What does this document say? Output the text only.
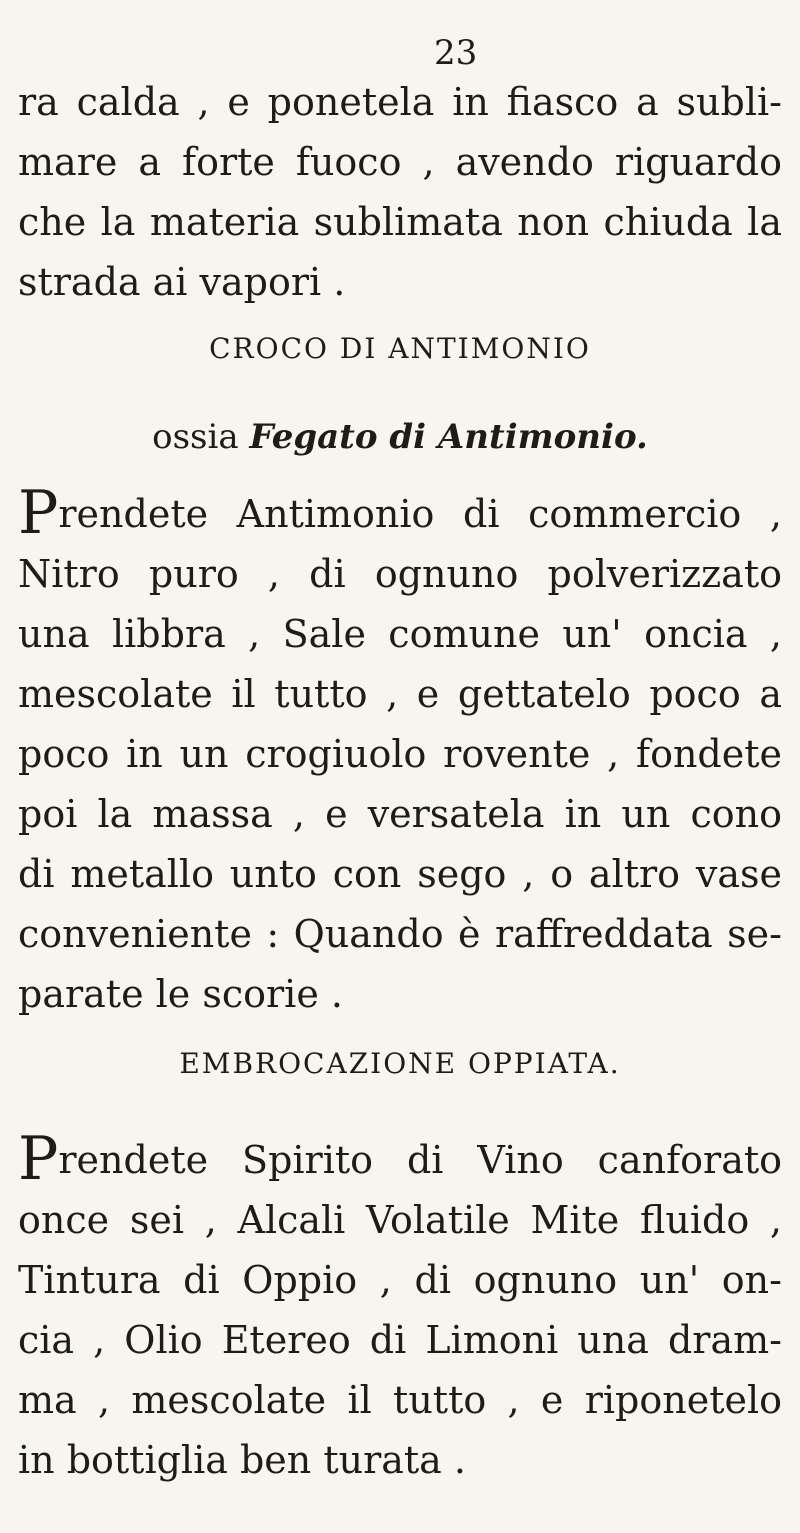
23
ra calda , e ponetela in fiasco a subli-
mare a forte fuoco , avendo riguardo
che la materia sublimata non chiuda la
strada ai vapori .
CROCO DI ANTIMONIO
ossia Fegato di Antimonio.
Prendete Antimonio di commercio ,
Nitro puro , di ognuno polverizzato
una libbra , Sale comune un' oncia ,
mescolate il tutto , e gettatelo poco a
poco in un crogiuolo rovente , fondete
poi la massa , e versatela in un cono
di metallo unto con sego , o altro vase
conveniente : Quando è raffreddata se-
parate le scorie .
EMBROCAZIONE OPPIATA.
Prendete Spirito di Vino canforato
once sei , Alcali Volatile Mite fluido ,
Tintura di Oppio , di ognuno un' on-
cia , Olio Etereo di Limoni una dram-
ma , mescolate il tutto , e riponetelo
in bottiglia ben turata .
